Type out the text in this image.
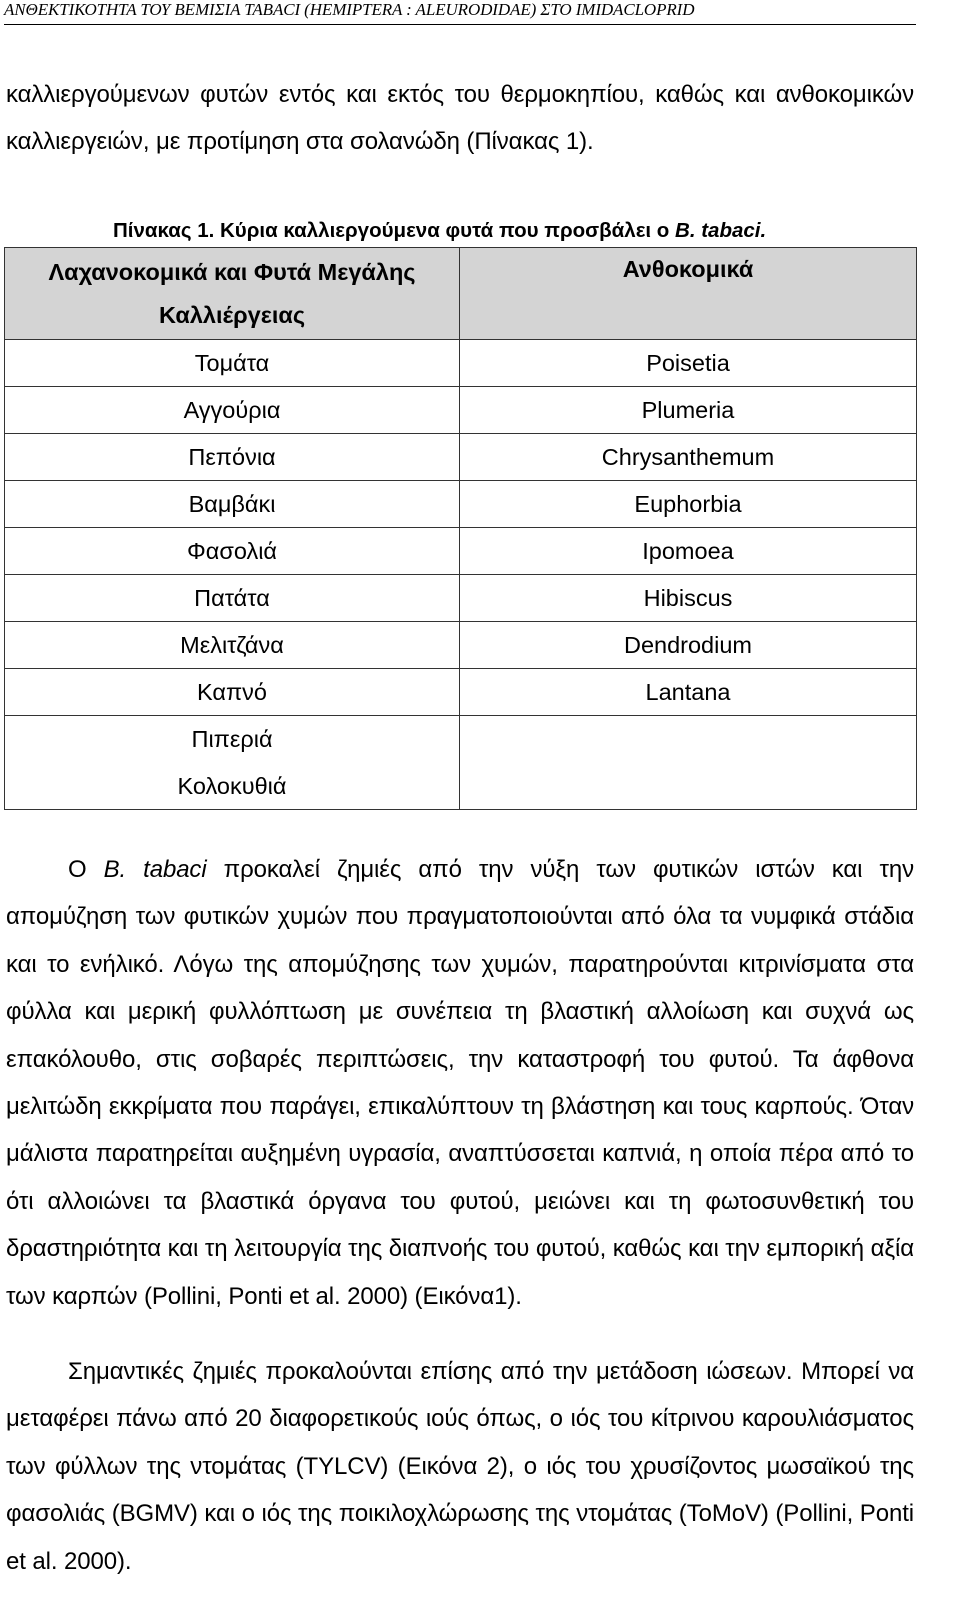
ΑΝΘΕΚΤΙΚΟΤΗΤΑ ΤΟΥ ΒΕΜΙΣΙΑ TABACI (HEMIPTERA : ALEURODIDAE) ΣΤΟ IMIDACLOPRID

καλλιεργούμενων φυτών εντός και εκτός του θερμοκηπίου, καθώς και ανθοκομικών καλλιεργειών, με προτίμηση στα σολανώδη (Πίνακας 1).

Πίνακας 1. Κύρια καλλιεργούμενα φυτά που προσβάλει ο B. tabaci.
Λαχανοκομικά και Φυτά Μεγάλης
Καλλιέργειας	Ανθοκομικά
Τομάτα	Poisetia
Αγγούρια	Plumeria
Πεπόνια	Chrysanthemum
Βαμβάκι	Euphorbia
Φασολιά	Ipomoea
Πατάτα	Hibiscus
Μελιτζάνα	Dendrodium
Καπνό	Lantana

Πιπεριά
Κολοκυθιά	

Ο B. tabaci προκαλεί ζημιές από την νύξη των φυτικών ιστών και την απομύζηση των φυτικών χυμών που πραγματοποιούνται από όλα τα νυμφικά στάδια και το ενήλικό. Λόγω της απομύζησης των χυμών, παρατηρούνται κιτρινίσματα στα φύλλα και μερική φυλλόπτωση με συνέπεια τη βλαστική αλλοίωση και συχνά ως επακόλουθο, στις σοβαρές περιπτώσεις, την καταστροφή του φυτού. Τα άφθονα μελιτώδη εκκρίματα που παράγει, επικαλύπτουν τη βλάστηση και τους καρπούς. Όταν μάλιστα παρατηρείται αυξημένη υγρασία, αναπτύσσεται καπνιά, η οποία πέρα από το ότι αλλοιώνει τα βλαστικά όργανα του φυτού, μειώνει και τη φωτοσυνθετική του δραστηριότητα και τη λειτουργία της διαπνοής του φυτού, καθώς και την εμπορική αξία των καρπών (Pollini, Ponti et al. 2000) (Εικόνα1).

Σημαντικές ζημιές προκαλούνται επίσης από την μετάδοση ιώσεων. Μπορεί να μεταφέρει πάνω από 20 διαφορετικούς ιούς όπως, ο ιός του κίτρινου καρουλιάσματος των φύλλων της ντομάτας (TYLCV) (Εικόνα 2), ο ιός του χρυσίζοντος μωσαϊκού της φασολιάς (BGMV) και ο ιός της ποικιλοχλώρωσης της ντομάτας (ToMoV) (Pollini, Ponti et al. 2000).
